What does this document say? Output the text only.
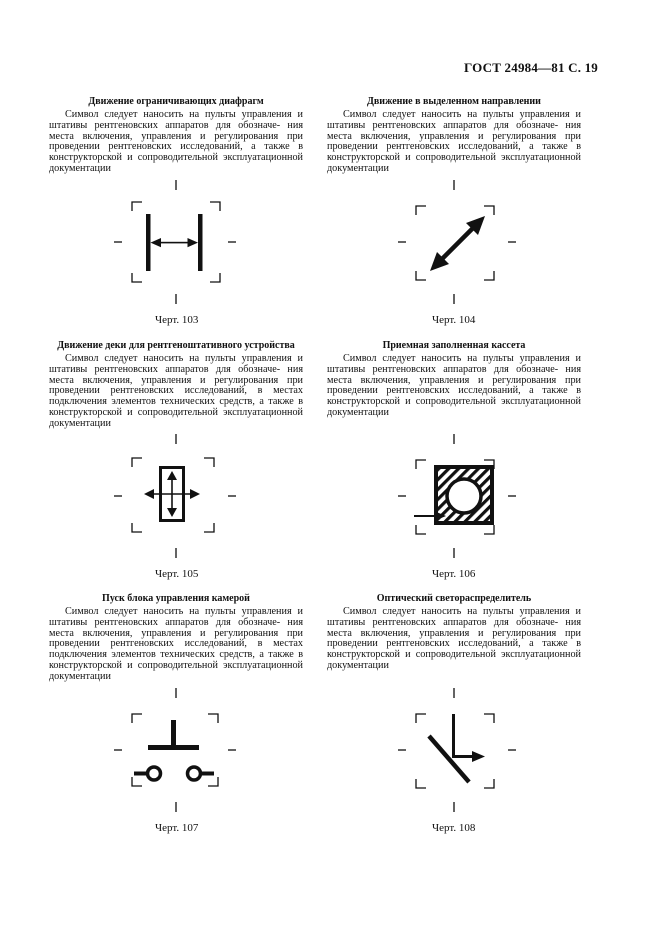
ГОСТ 24984—81 С. 19
Движение ограничивающих диафрагм

Символ следует наносить на пульты управления и штативы рентгеновских аппаратов для обозначе- ния места включения, управления и регулирования при проведении рентгеновских исследований, а также в конструкторской и сопроводительной эксплуатационной документации

Черт. 103
Движение в выделенном направлении

Символ следует наносить на пульты управления и штативы рентгеновских аппаратов для обозначе- ния места включения, управления и регулирования при проведении рентгеновских исследований, а также в конструкторской и сопроводительной эксплуатационной документации

Черт. 104
Движение деки для рентгеноштативного устройства

Символ следует наносить на пульты управления и штативы рентгеновских аппаратов для обозначе- ния места включения, управления и регулирования при проведении рентгеновских исследований, в местах подключения элементов технических средств, а также в конструкторской и сопроводительной эксплуатационной документации

Черт. 105
Приемная заполненная кассета

Символ следует наносить на пульты управления и штативы рентгеновских аппаратов для обозначе- ния места включения, управления и регулирования при проведении рентгеновских исследований, а также в конструкторской и сопроводительной эксплуатационной документации

Черт. 106
Пуск блока управления камерой

Символ следует наносить на пульты управления и штативы рентгеновских аппаратов для обозначе- ния места включения, управления и регулирования при проведении рентгеновских исследований, в местах подключения элементов технических средств, а также в конструкторской и сопроводительной эксплуатационной документации

Черт. 107
Оптический светораспределитель

Символ следует наносить на пульты управления и штативы рентгеновских аппаратов для обозначе- ния места включения, управления и регулирования при проведении рентгеновских исследований, а также в конструкторской и сопроводительной эксплуатационной документации

Черт. 108
